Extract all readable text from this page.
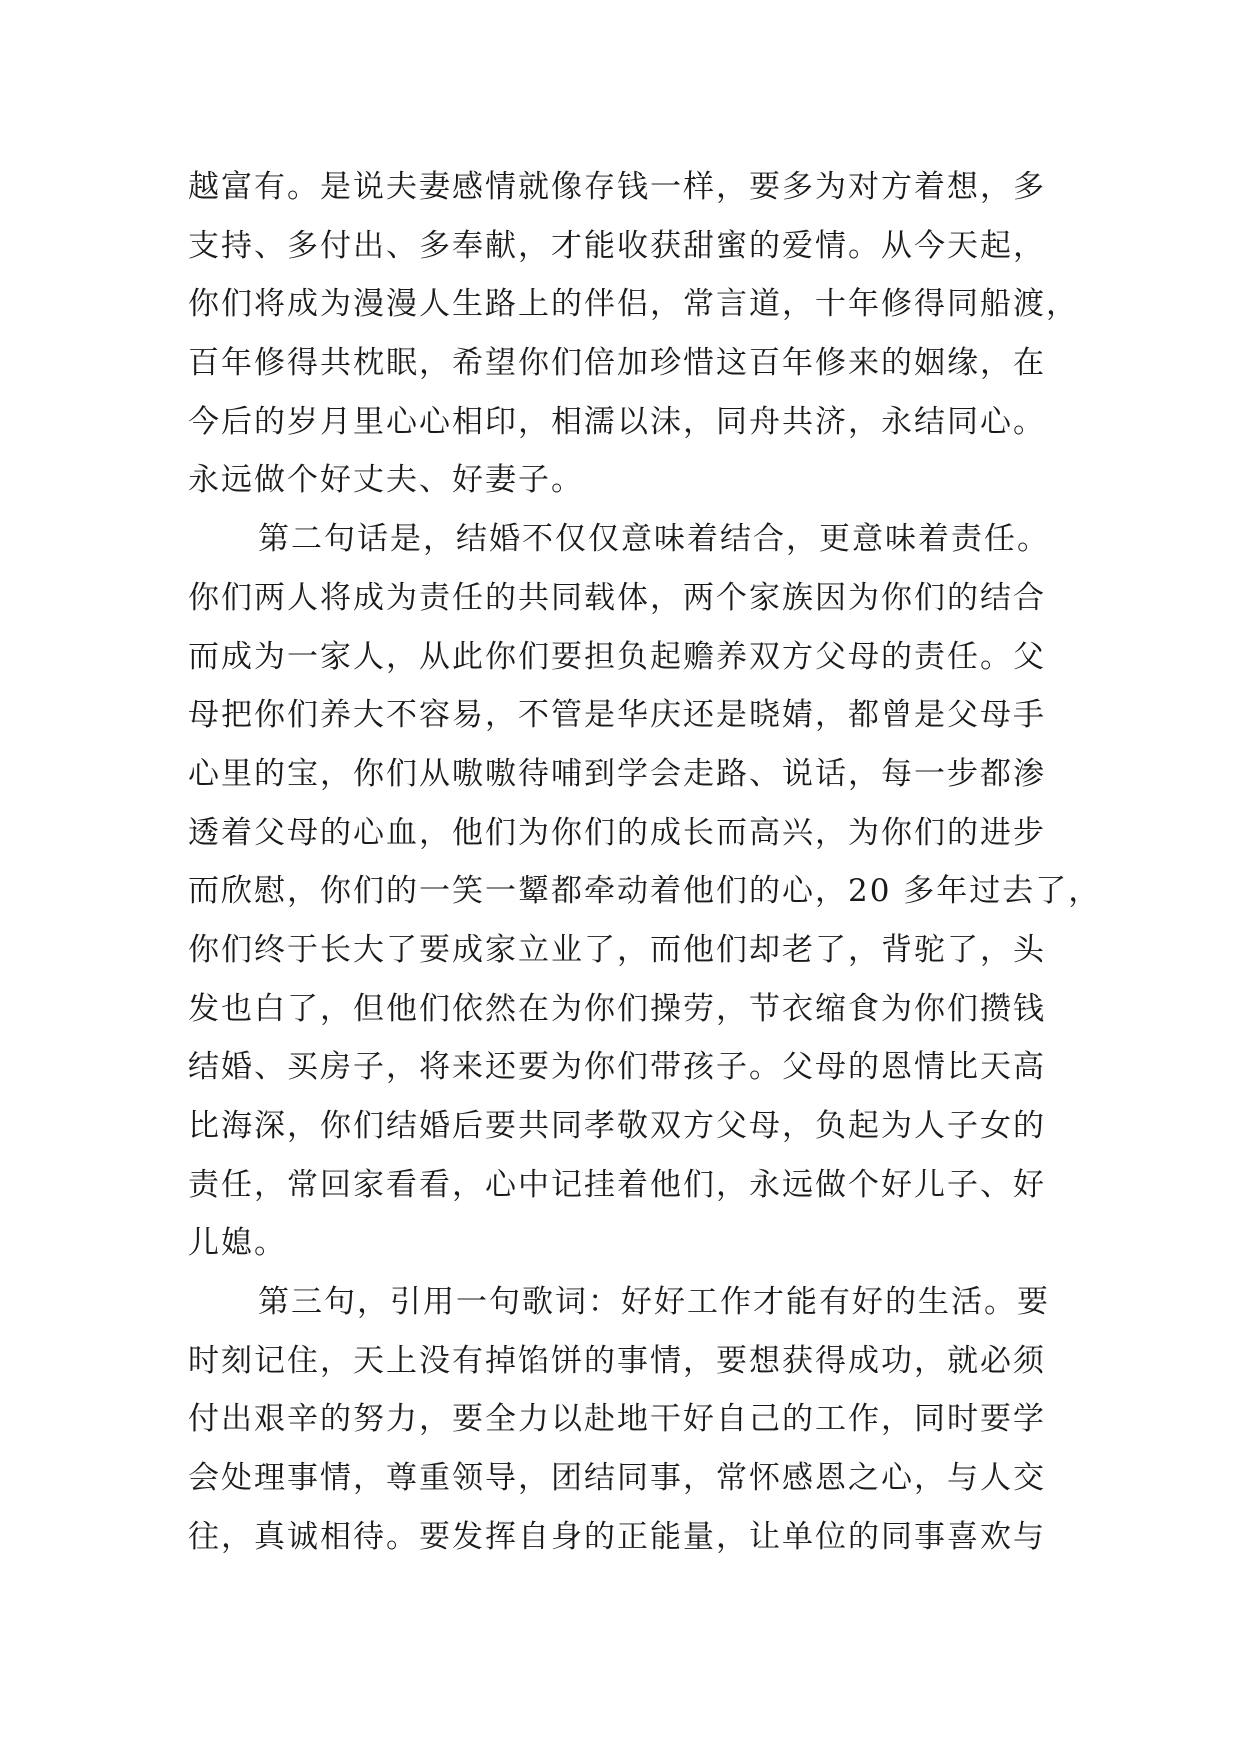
越富有。是说夫妻感情就像存钱一样，要多为对方着想，多
支持、多付出、多奉献，才能收获甜蜜的爱情。从今天起，
你们将成为漫漫人生路上的伴侣，常言道，十年修得同船渡，
百年修得共枕眠，希望你们倍加珍惜这百年修来的姻缘，在
今后的岁月里心心相印，相濡以沫，同舟共济，永结同心。
永远做个好丈夫、好妻子。
第二句话是，结婚不仅仅意味着结合，更意味着责任。
你们两人将成为责任的共同载体，两个家族因为你们的结合
而成为一家人，从此你们要担负起赡养双方父母的责任。父
母把你们养大不容易，不管是华庆还是晓婧，都曾是父母手
心里的宝，你们从嗷嗷待哺到学会走路、说话，每一步都渗
透着父母的心血，他们为你们的成长而高兴，为你们的进步
而欣慰，你们的一笑一颦都牵动着他们的心，20 多年过去了，
你们终于长大了要成家立业了，而他们却老了，背驼了，头
发也白了，但他们依然在为你们操劳，节衣缩食为你们攒钱
结婚、买房子，将来还要为你们带孩子。父母的恩情比天高
比海深，你们结婚后要共同孝敬双方父母，负起为人子女的
责任，常回家看看，心中记挂着他们，永远做个好儿子、好
儿媳。
第三句，引用一句歌词：好好工作才能有好的生活。要
时刻记住，天上没有掉馅饼的事情，要想获得成功，就必须
付出艰辛的努力，要全力以赴地干好自己的工作，同时要学
会处理事情，尊重领导，团结同事，常怀感恩之心，与人交
往，真诚相待。要发挥自身的正能量，让单位的同事喜欢与
